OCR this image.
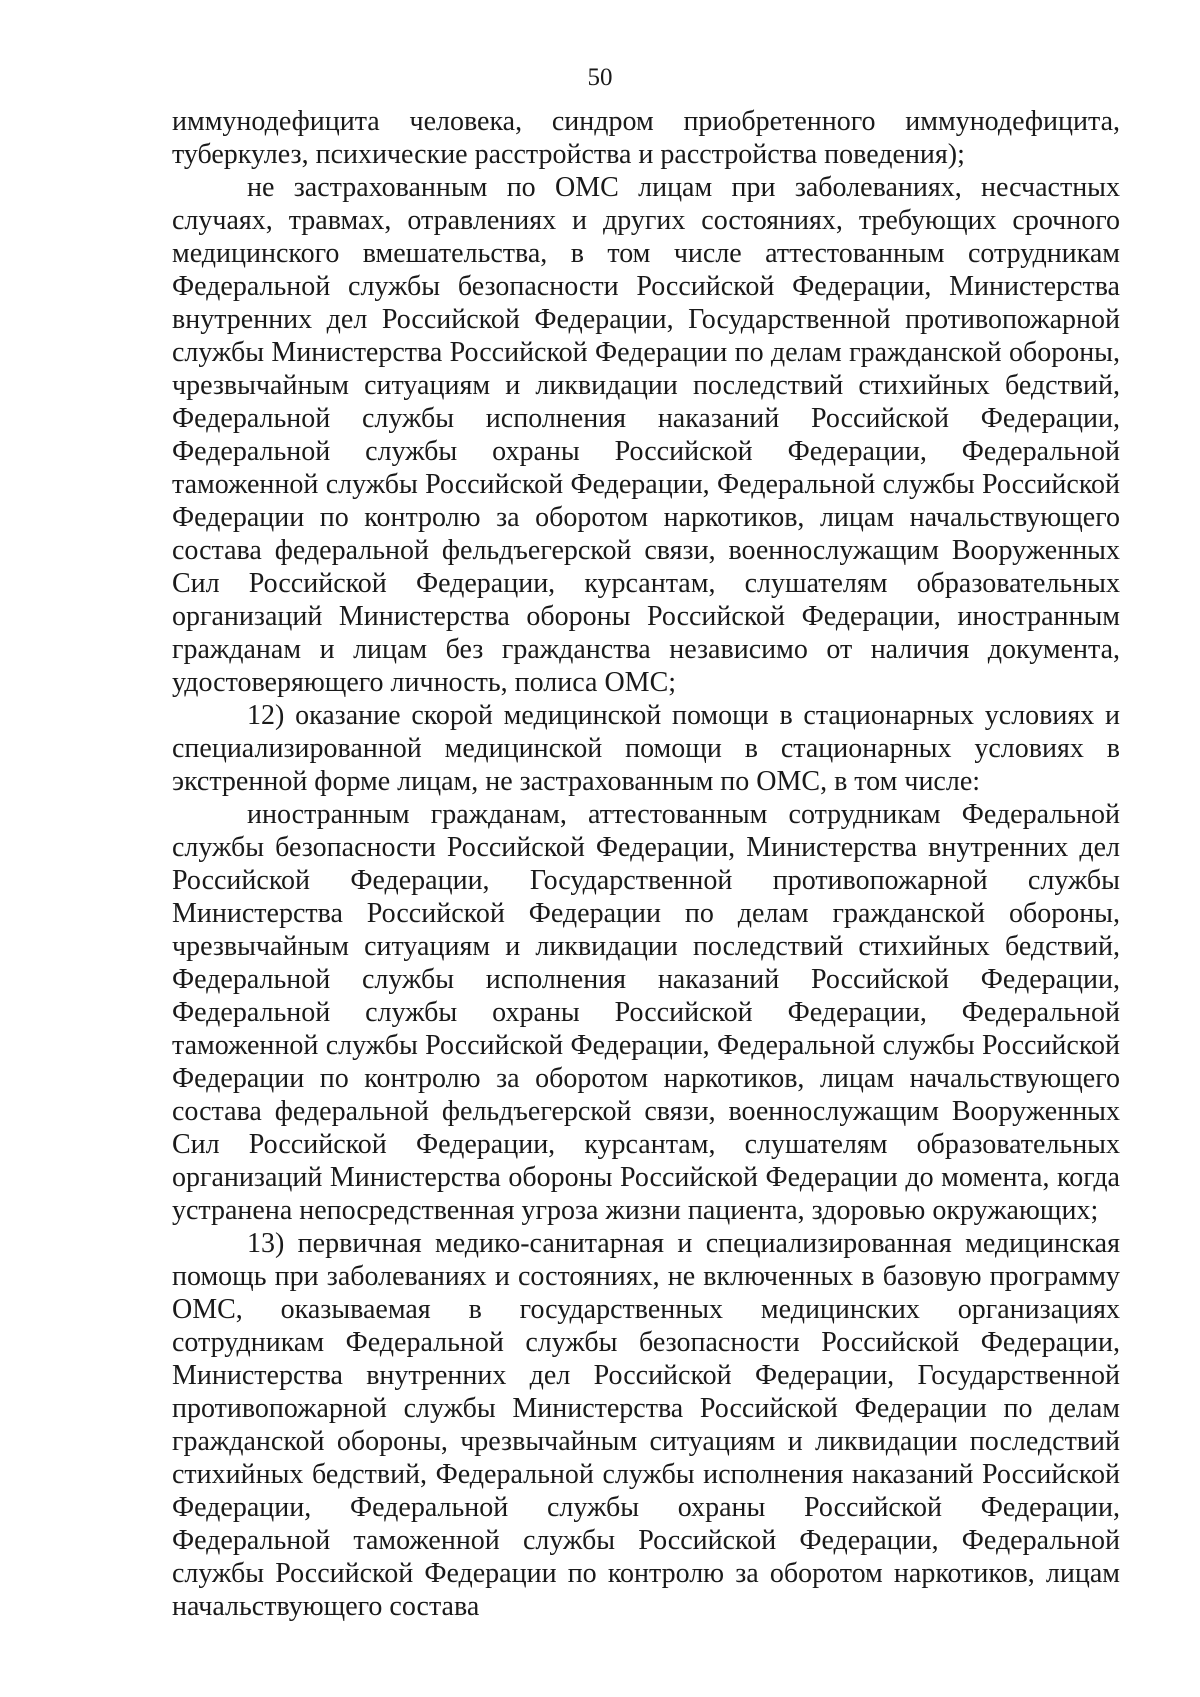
50

иммунодефицита человека, синдром приобретенного иммунодефицита, туберкулез, психические расстройства и расстройства поведения);

не застрахованным по ОМС лицам при заболеваниях, несчастных случаях, травмах, отравлениях и других состояниях, требующих срочного медицинского вмешательства, в том числе аттестованным сотрудникам Федеральной службы безопасности Российской Федерации, Министерства внутренних дел Российской Федерации, Государственной противопожарной службы Министерства Российской Федерации по делам гражданской обороны, чрезвычайным ситуациям и ликвидации последствий стихийных бедствий, Федеральной службы исполнения наказаний Российской Федерации, Федеральной службы охраны Российской Федерации, Федеральной таможенной службы Российской Федерации, Федеральной службы Российской Федерации по контролю за оборотом наркотиков, лицам начальствующего состава федеральной фельдъегерской связи, военнослужащим Вооруженных Сил Российской Федерации, курсантам, слушателям образовательных организаций Министерства обороны Российской Федерации, иностранным гражданам и лицам без гражданства независимо от наличия документа, удостоверяющего личность, полиса ОМС;

12) оказание скорой медицинской помощи в стационарных условиях и специализированной медицинской помощи в стационарных условиях в экстренной форме лицам, не застрахованным по ОМС, в том числе:

иностранным гражданам, аттестованным сотрудникам Федеральной службы безопасности Российской Федерации, Министерства внутренних дел Российской Федерации, Государственной противопожарной службы Министерства Российской Федерации по делам гражданской обороны, чрезвычайным ситуациям и ликвидации последствий стихийных бедствий, Федеральной службы исполнения наказаний Российской Федерации, Федеральной службы охраны Российской Федерации, Федеральной таможенной службы Российской Федерации, Федеральной службы Российской Федерации по контролю за оборотом наркотиков, лицам начальствующего состава федеральной фельдъегерской связи, военнослужащим Вооруженных Сил Российской Федерации, курсантам, слушателям образовательных организаций Министерства обороны Российской Федерации до момента, когда устранена непосредственная угроза жизни пациента, здоровью окружающих;

13) первичная медико-санитарная и специализированная медицинская помощь при заболеваниях и состояниях, не включенных в базовую программу ОМС, оказываемая в государственных медицинских организациях сотрудникам Федеральной службы безопасности Российской Федерации, Министерства внутренних дел Российской Федерации, Государственной противопожарной службы Министерства Российской Федерации по делам гражданской обороны, чрезвычайным ситуациям и ликвидации последствий стихийных бедствий, Федеральной службы исполнения наказаний Российской Федерации, Федеральной службы охраны Российской Федерации, Федеральной таможенной службы Российской Федерации, Федеральной службы Российской Федерации по контролю за оборотом наркотиков, лицам начальствующего состава
